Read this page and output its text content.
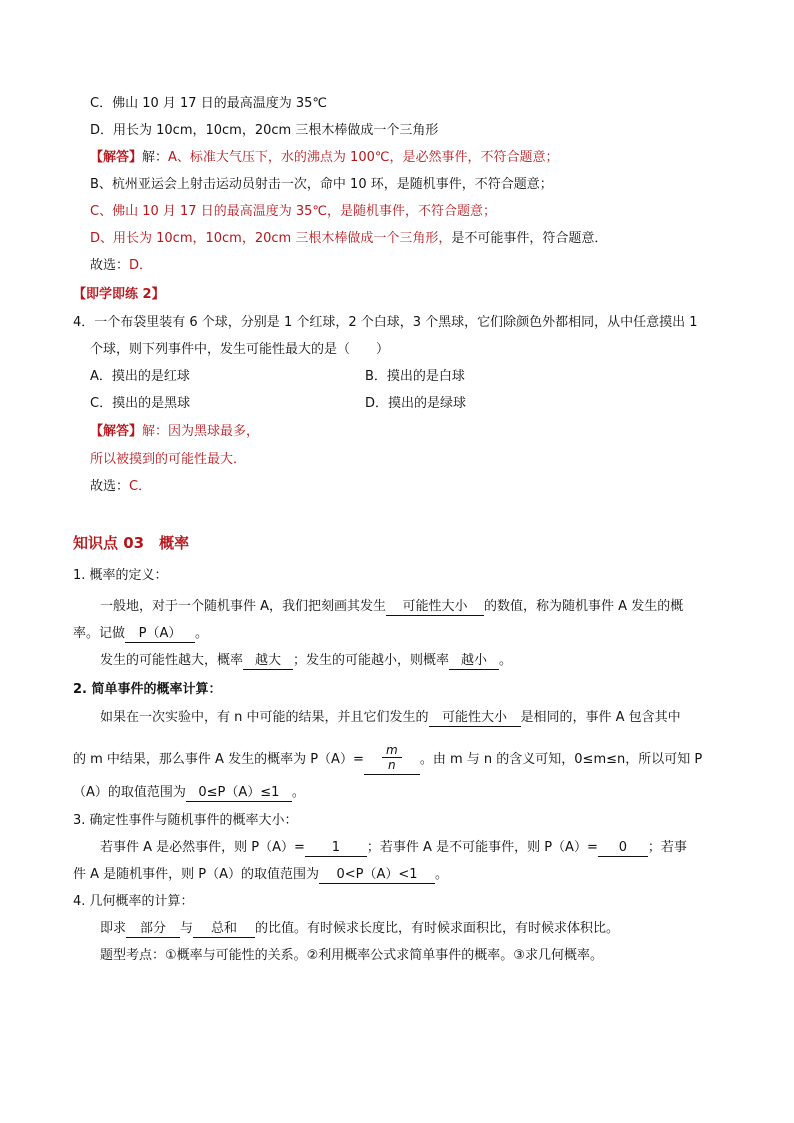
C．佛山 10 月 17 日的最高温度为 35℃
D．用长为 10cm，10cm，20cm 三根木棒做成一个三角形
【解答】解：A、标准大气压下，水的沸点为 100℃，是必然事件，不符合题意；
B、杭州亚运会上射击运动员射击一次，命中 10 环，是随机事件，不符合题意；
C、佛山 10 月 17 日的最高温度为 35℃，是随机事件，不符合题意；
D、用长为 10cm，10cm，20cm 三根木棒做成一个三角形，是不可能事件，符合题意．
故选：D．
【即学即练 2】
4．一个布袋里装有 6 个球，分别是 1 个红球，2 个白球，3 个黑球，它们除颜色外都相同，从中任意摸出 1
个球，则下列事件中，发生可能性最大的是（　　）
A．摸出的是红球	B．摸出的是白球
C．摸出的是黑球	D．摸出的是绿球
【解答】解：因为黑球最多，
所以被摸到的可能性最大．
故选：C．
知识点 03　概率
1. 概率的定义：
一般地，对于一个随机事件 A，我们把刻画其发生 可能性大小 的数值，称为随机事件 A 发生的概
率。记做 P（A） 。
发生的可能性越大，概率 越大 ；发生的可能越小，则概率 越小 。
2. 简单事件的概率计算：
如果在一次实验中，有 n 中可能的结果，并且它们发生的 可能性大小 是相同的，事件 A 包含其中
的 m 中结果，那么事件 A 发生的概率为 $P(A)= \frac{m}{n}$ 。由 m 与 n 的含义可知，0≤m≤n，所以可知 P
（A）的取值范围为 0≤P（A）≤1 。
3. 确定性事件与随机事件的概率大小：
若事件 A 是必然事件，则 P（A）= 1 ；若事件 A 是不可能事件，则 P（A）= 0 ；若事
件 A 是随机事件，则 P（A）的取值范围为 0<P（A）<1 。
4. 几何概率的计算：
即求 部分 与 总和 的比值。有时候求长度比，有时候求面积比，有时候求体积比。
题型考点：①概率与可能性的关系。②利用概率公式求简单事件的概率。③求几何概率。
